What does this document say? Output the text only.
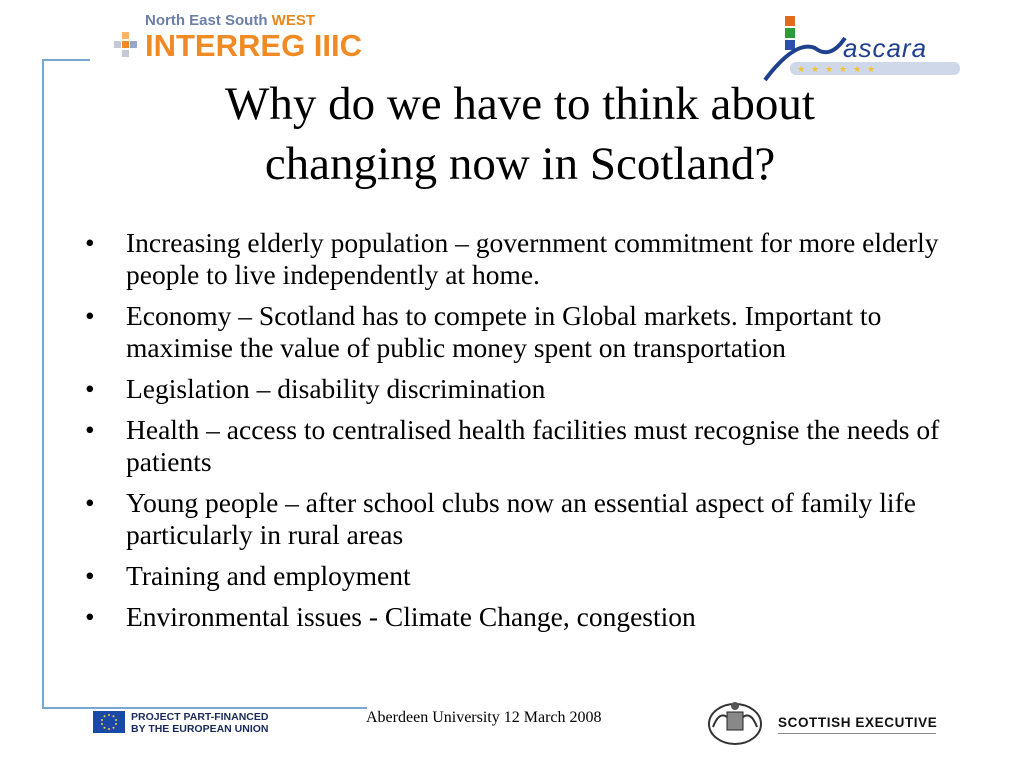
North East South WEST
INTERREG IIIC
★ ★ ★ ★ ★ ★
ascara
Why do we have to think about
changing now in Scotland?
• Increasing elderly population – government commitment for more elderly people to live independently at home.
• Economy – Scotland has to compete in Global markets. Important to maximise the value of public money spent on transportation
• Legislation – disability discrimination
• Health – access to centralised health facilities must recognise the needs of patients
• Young people – after school clubs now an essential aspect of family life particularly in rural areas
• Training and employment
• Environmental issues - Climate Change, congestion
PROJECT PART-FINANCED
BY THE EUROPEAN UNION
Aberdeen University 12 March 2008	SCOTTISH EXECUTIVE
